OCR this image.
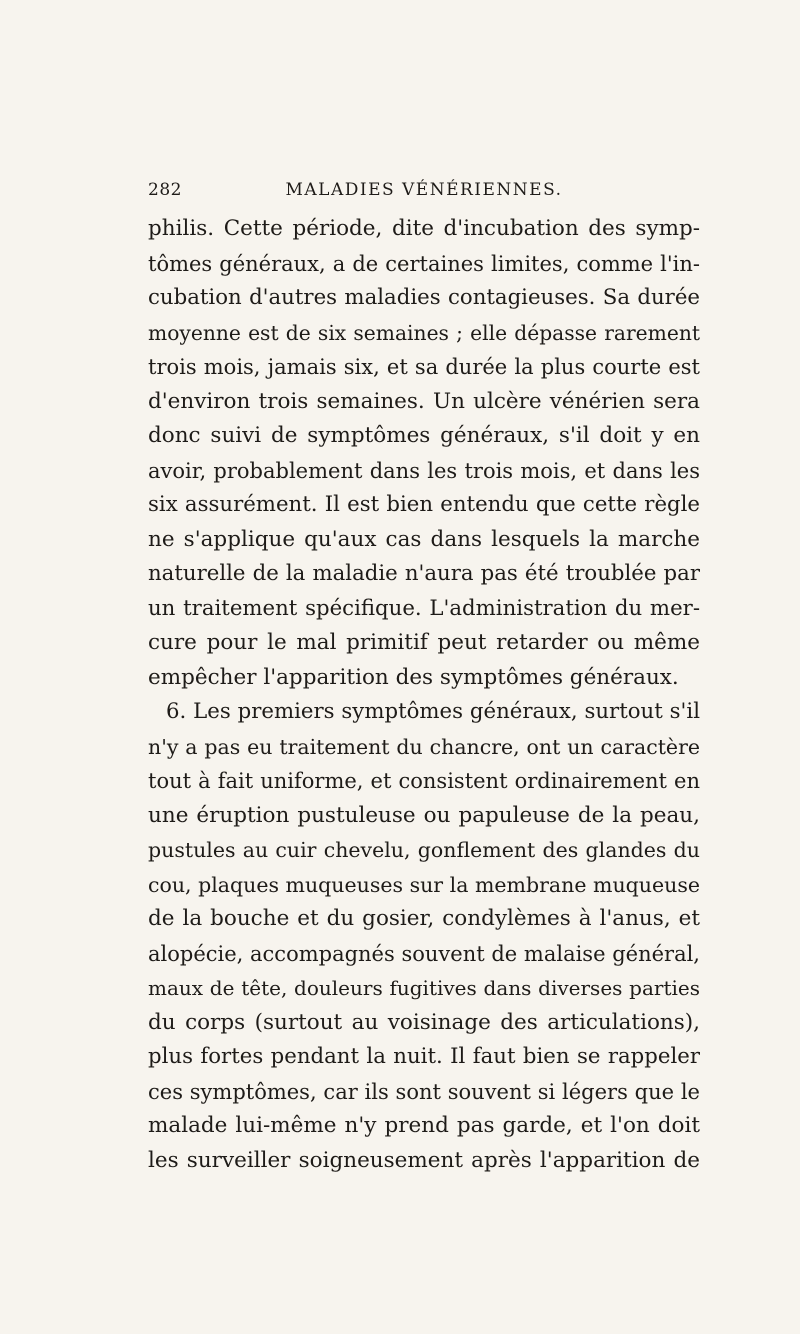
282	MALADIES VÉNÉRIENNES.
philis. Cette période, dite d'incubation des symp-
tômes généraux, a de certaines limites, comme l'in-
cubation d'autres maladies contagieuses. Sa durée
moyenne est de six semaines ; elle dépasse rarement
trois mois, jamais six, et sa durée la plus courte est
d'environ trois semaines. Un ulcère vénérien sera
donc suivi de symptômes généraux, s'il doit y en
avoir, probablement dans les trois mois, et dans les
six assurément. Il est bien entendu que cette règle
ne s'applique qu'aux cas dans lesquels la marche
naturelle de la maladie n'aura pas été troublée par
un traitement spécifique. L'administration du mer-
cure pour le mal primitif peut retarder ou même
empêcher l'apparition des symptômes généraux.
6. Les premiers symptômes généraux, surtout s'il
n'y a pas eu traitement du chancre, ont un caractère
tout à fait uniforme, et consistent ordinairement en
une éruption pustuleuse ou papuleuse de la peau,
pustules au cuir chevelu, gonflement des glandes du
cou, plaques muqueuses sur la membrane muqueuse
de la bouche et du gosier, condylèmes à l'anus, et
alopécie, accompagnés souvent de malaise général,
maux de tête, douleurs fugitives dans diverses parties
du corps (surtout au voisinage des articulations),
plus fortes pendant la nuit. Il faut bien se rappeler
ces symptômes, car ils sont souvent si légers que le
malade lui-même n'y prend pas garde, et l'on doit
les surveiller soigneusement après l'apparition de
